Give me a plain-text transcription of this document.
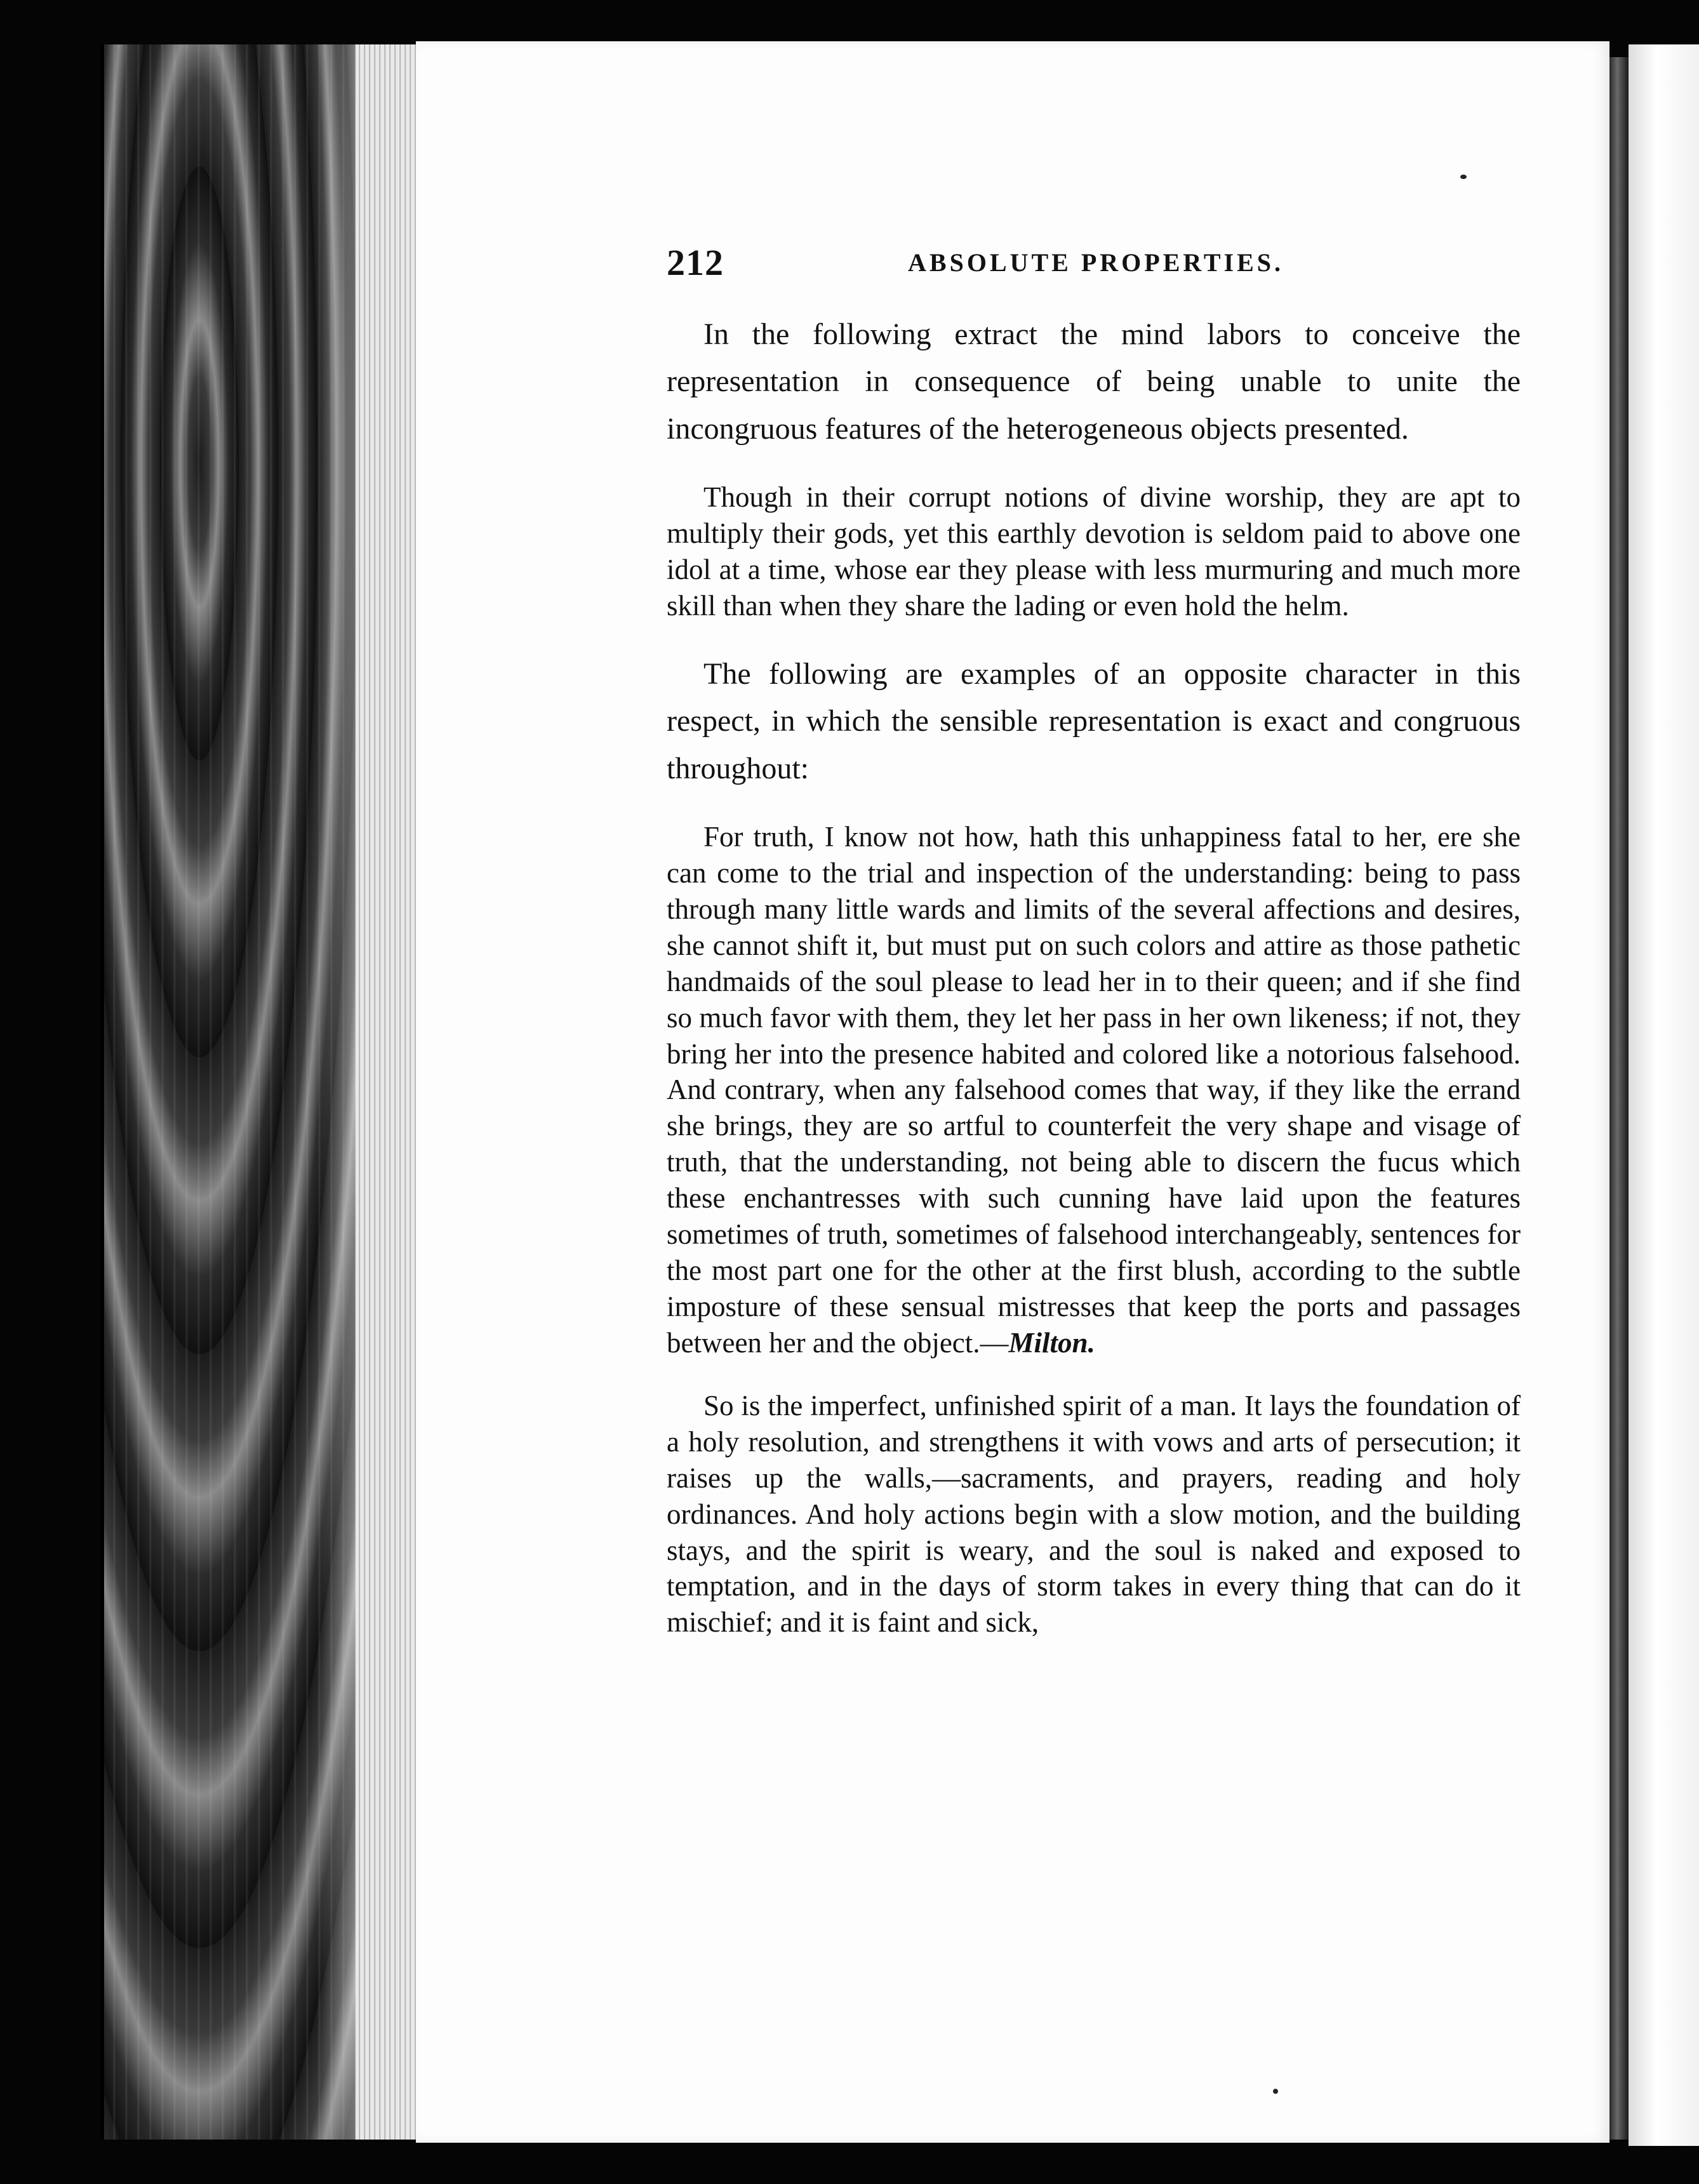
212	ABSOLUTE PROPERTIES.

In the following extract the mind labors to conceive the representation in consequence of being unable to unite the incongruous features of the heterogeneous objects presented.

Though in their corrupt notions of divine worship, they are apt to multiply their gods, yet this earthly devotion is seldom paid to above one idol at a time, whose ear they please with less murmuring and much more skill than when they share the lading or even hold the helm.

The following are examples of an opposite character in this respect, in which the sensible representation is exact and congruous throughout:

For truth, I know not how, hath this unhappiness fatal to her, ere she can come to the trial and inspection of the understanding: being to pass through many little wards and limits of the several affections and desires, she cannot shift it, but must put on such colors and attire as those pathetic handmaids of the soul please to lead her in to their queen; and if she find so much favor with them, they let her pass in her own likeness; if not, they bring her into the presence habited and colored like a notorious falsehood. And contrary, when any falsehood comes that way, if they like the errand she brings, they are so artful to counterfeit the very shape and visage of truth, that the understanding, not being able to discern the fucus which these enchantresses with such cunning have laid upon the features sometimes of truth, sometimes of falsehood interchangeably, sentences for the most part one for the other at the first blush, according to the subtle imposture of these sensual mistresses that keep the ports and passages between her and the object.—Milton.

So is the imperfect, unfinished spirit of a man. It lays the foundation of a holy resolution, and strengthens it with vows and arts of persecution; it raises up the walls,—sacraments, and prayers, reading and holy ordinances. And holy actions begin with a slow motion, and the building stays, and the spirit is weary, and the soul is naked and exposed to temptation, and in the days of storm takes in every thing that can do it mischief; and it is faint and sick,
